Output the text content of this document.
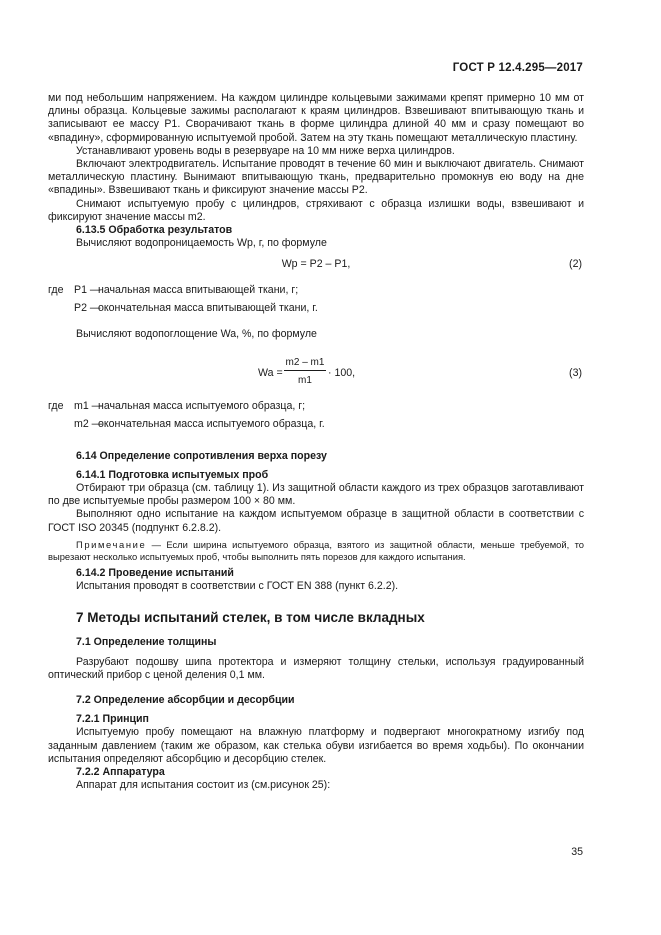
ГОСТ Р 12.4.295—2017

ми под небольшим напряжением. На каждом цилиндре кольцевыми зажимами крепят примерно 10 мм от длины образца. Кольцевые зажимы располагают к краям цилиндров. Взвешивают впитывающую ткань и записывают ее массу P1. Сворачивают ткань в форме цилиндра длиной 40 мм и сразу помещают во «впадину», сформированную испытуемой пробой. Затем на эту ткань помещают металлическую пластину.

Устанавливают уровень воды в резервуаре на 10 мм ниже верха цилиндров.

Включают электродвигатель. Испытание проводят в течение 60 мин и выключают двигатель. Снимают металлическую пластину. Вынимают впитывающую ткань, предварительно промокнув ею воду на дне «впадины». Взвешивают ткань и фиксируют значение массы P2.

Снимают испытуемую пробу с цилиндров, стряхивают с образца излишки воды, взвешивают и фиксируют значение массы m2.

6.13.5 Обработка результатов

Вычисляют водопроницаемость Wp, г, по формуле

Wp = P2 – P1,	(2)
где P1 —
начальная масса впитывающей ткани, г;
P2 —
окончательная масса впитывающей ткани, г.

Вычисляют водопоглощение Wa, %, по формуле

$Wa = \frac{m2 - m1}{m1} \cdot 100$,	(3)
где m1 —
начальная масса испытуемого образца, г;
m2 —
окончательная масса испытуемого образца, г.
6.14 Определение сопротивления верха порезу
6.14.1 Подготовка испытуемых проб

Отбирают три образца (см. таблицу 1). Из защитной области каждого из трех образцов заготавливают по две испытуемые пробы размером 100 × 80 мм.

Выполняют одно испытание на каждом испытуемом образце в защитной области в соответствии с ГОСТ ISO 20345 (подпункт 6.2.8.2).

Примечание — Если ширина испытуемого образца, взятого из защитной области, меньше требуемой, то вырезают несколько испытуемых проб, чтобы выполнить пять порезов для каждого испытания.

6.14.2 Проведение испытаний

Испытания проводят в соответствии с ГОСТ EN 388 (пункт 6.2.2).

7 Методы испытаний стелек, в том числе вкладных
7.1 Определение толщины

Разрубают подошву шипа протектора и измеряют толщину стельки, используя градуированный оптический прибор с ценой деления 0,1 мм.

7.2 Определение абсорбции и десорбции
7.2.1 Принцип

Испытуемую пробу помещают на влажную платформу и подвергают многократному изгибу под заданным давлением (таким же образом, как стелька обуви изгибается во время ходьбы). По окончании испытания определяют абсорбцию и десорбцию стелек.

7.2.2 Аппаратура

Аппарат для испытания состоит из (см.рисунок 25):

35
